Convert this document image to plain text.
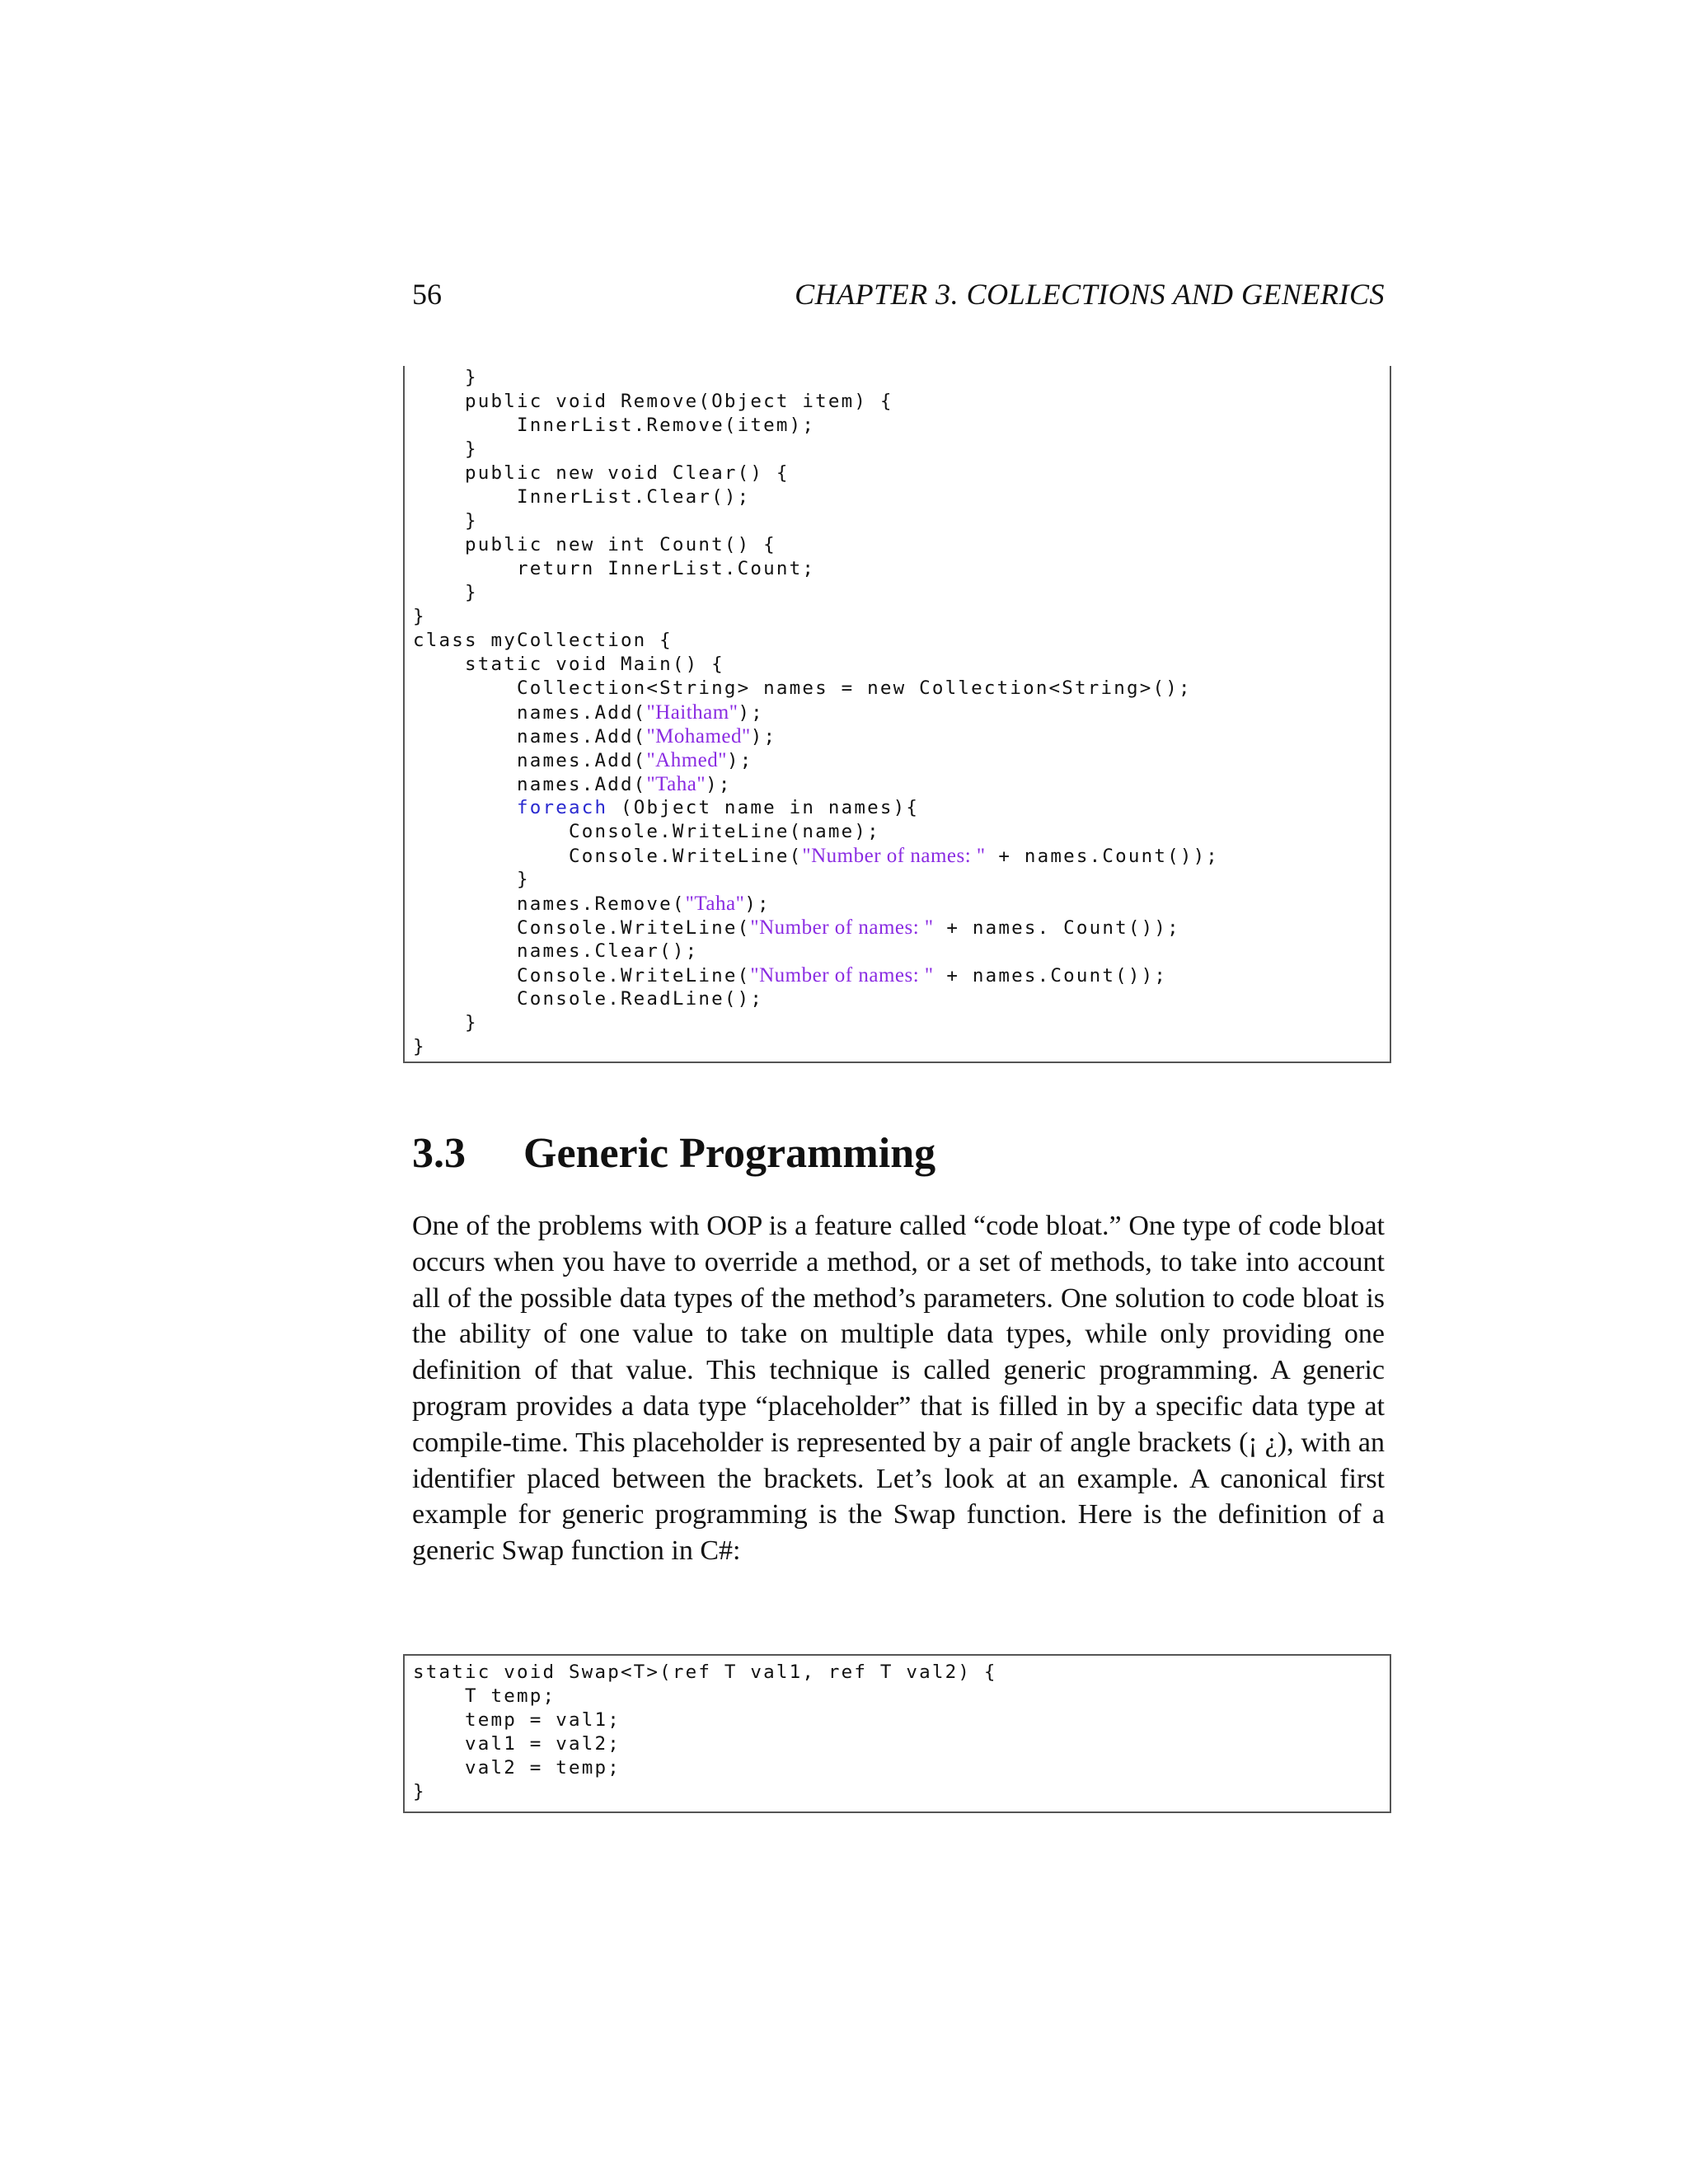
56	CHAPTER 3. COLLECTIONS AND GENERICS
}
public void Remove(Object item) {
InnerList.Remove(item);
}
public new void Clear() {
InnerList.Clear();
}
public new int Count() {
return InnerList.Count;
}
}
class myCollection {
static void Main() {
Collection<String> names = new Collection<String>();
names.Add("Haitham");
names.Add("Mohamed");
names.Add("Ahmed");
names.Add("Taha");
foreach (Object name in names){
Console.WriteLine(name);
Console.WriteLine("Number of names: " + names.Count());
}
names.Remove("Taha");
Console.WriteLine("Number of names: " + names. Count());
names.Clear();
Console.WriteLine("Number of names: " + names.Count());
Console.ReadLine();
}
}
3.3 Generic Programming
One of the problems with OOP is a feature called “code bloat.” One type of code bloat occurs when you have to override a method, or a set of methods, to take into account all of the possible data types of the method’s parameters. One solution to code bloat is the ability of one value to take on multiple data types, while only providing one definition of that value. This technique is called generic programming. A generic program provides a data type “placeholder” that is filled in by a specific data type at compile-time. This placeholder is represented by a pair of angle brackets (¡ ¿), with an identifier placed between the brackets. Let’s look at an example. A canonical first example for generic programming is the Swap function. Here is the definition of a generic Swap function in C#:
static void Swap<T>(ref T val1, ref T val2) {
T temp;
temp = val1;
val1 = val2;
val2 = temp;
}
